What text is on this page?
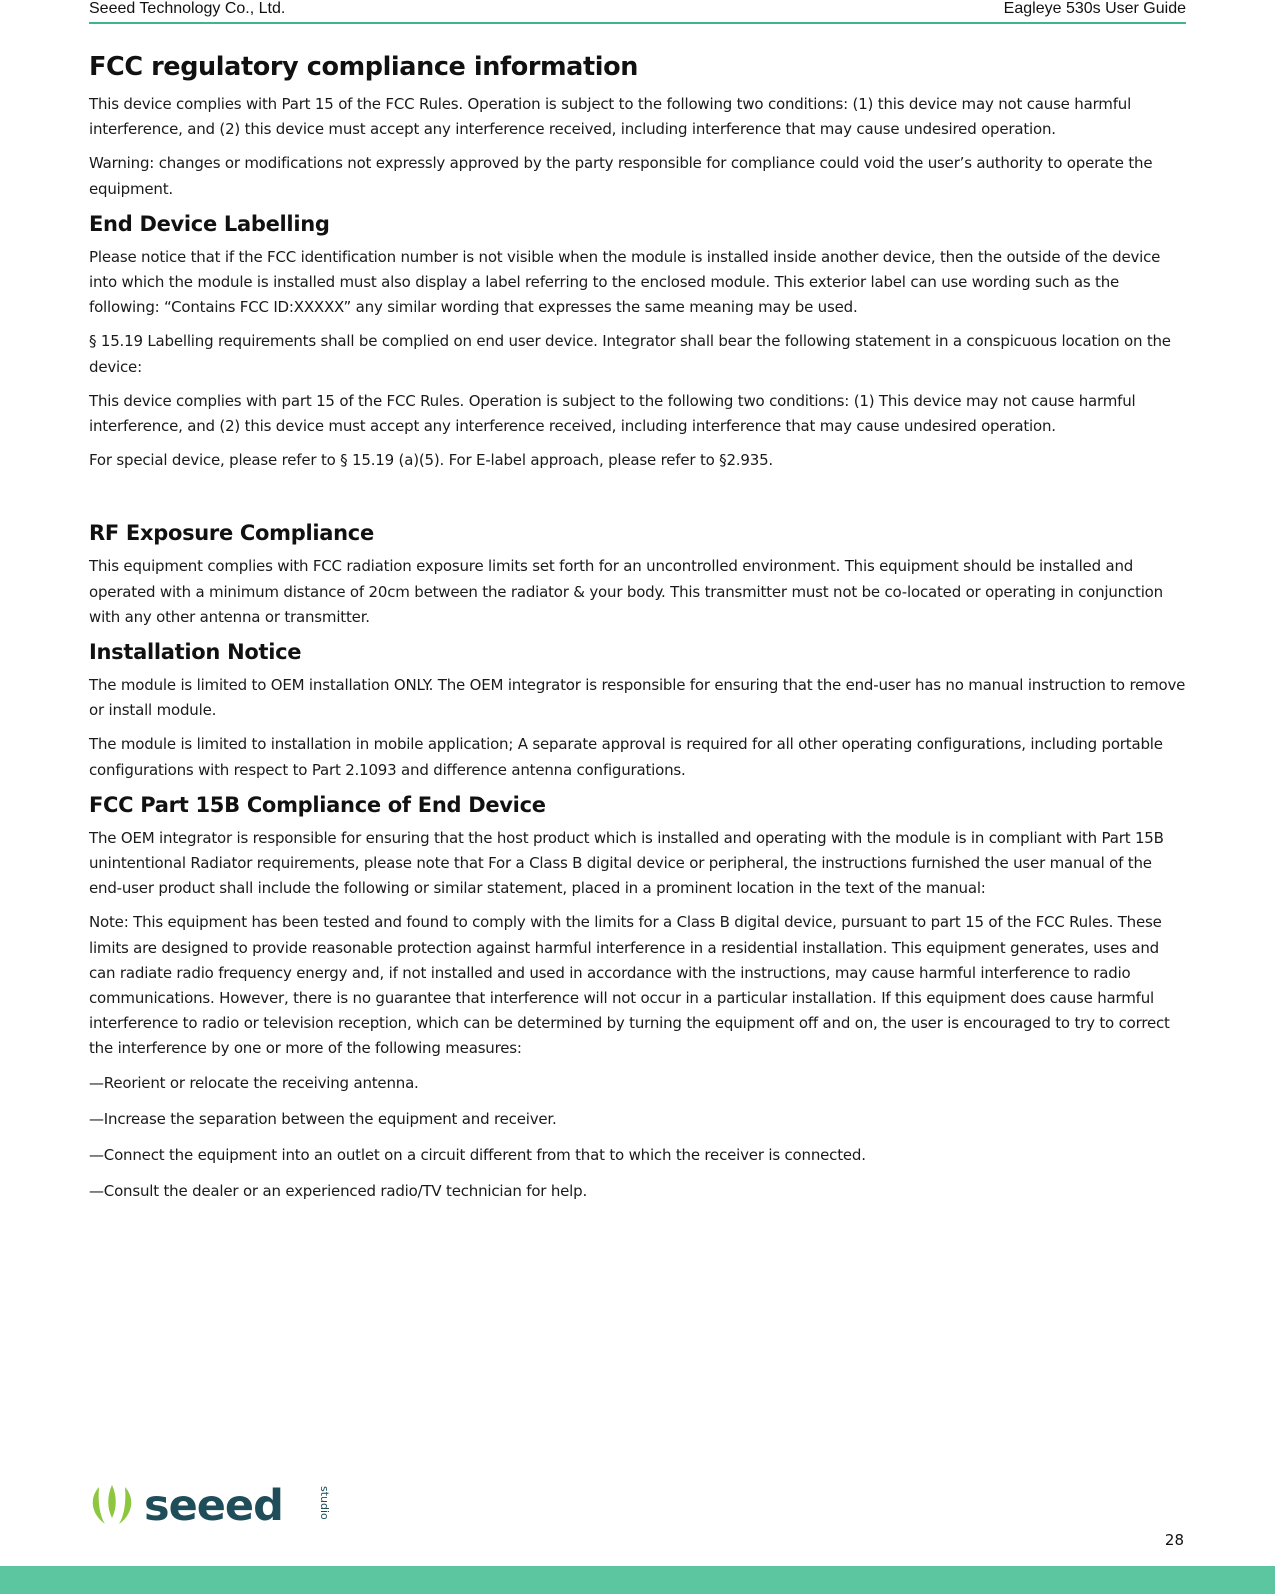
Seeed Technology Co., Ltd.	Eagleye 530s User Guide
FCC regulatory compliance information

This device complies with Part 15 of the FCC Rules. Operation is subject to the following two conditions: (1) this device may not cause harmful interference, and (2) this device must accept any interference received, including interference that may cause undesired operation.

Warning: changes or modifications not expressly approved by the party responsible for compliance could void the user’s authority to operate the equipment.

End Device Labelling

Please notice that if the FCC identification number is not visible when the module is installed inside another device, then the outside of the device into which the module is installed must also display a label referring to the enclosed module. This exterior label can use wording such as the following: “Contains FCC ID:XXXXX” any similar wording that expresses the same meaning may be used.

§ 15.19 Labelling requirements shall be complied on end user device. Integrator shall bear the following statement in a conspicuous location on the device:

This device complies with part 15 of the FCC Rules. Operation is subject to the following two conditions: (1) This device may not cause harmful interference, and (2) this device must accept any interference received, including interference that may cause undesired operation.

For special device, please refer to § 15.19 (a)(5). For E-label approach, please refer to §2.935.

RF Exposure Compliance

This equipment complies with FCC radiation exposure limits set forth for an uncontrolled environment. This equipment should be installed and operated with a minimum distance of 20cm between the radiator & your body. This transmitter must not be co-located or operating in conjunction with any other antenna or transmitter.

Installation Notice

The module is limited to OEM installation ONLY. The OEM integrator is responsible for ensuring that the end-user has no manual instruction to remove or install module.

The module is limited to installation in mobile application; A separate approval is required for all other operating configurations, including portable configurations with respect to Part 2.1093 and difference antenna configurations.

FCC Part 15B Compliance of End Device

The OEM integrator is responsible for ensuring that the host product which is installed and operating with the module is in compliant with Part 15B unintentional Radiator requirements, please note that For a Class B digital device or peripheral, the instructions furnished the user manual of the end-user product shall include the following or similar statement, placed in a prominent location in the text of the manual:

Note: This equipment has been tested and found to comply with the limits for a Class B digital device, pursuant to part 15 of the FCC Rules. These limits are designed to provide reasonable protection against harmful interference in a residential installation. This equipment generates, uses and can radiate radio frequency energy and, if not installed and used in accordance with the instructions, may cause harmful interference to radio communications. However, there is no guarantee that interference will not occur in a particular installation. If this equipment does cause harmful interference to radio or television reception, which can be determined by turning the equipment off and on, the user is encouraged to try to correct the interference by one or more of the following measures:

—Reorient or relocate the receiving antenna.

—Increase the separation between the equipment and receiver.

—Connect the equipment into an outlet on a circuit different from that to which the receiver is connected.

—Consult the dealer or an experienced radio/TV technician for help.

seeed	studio
28
